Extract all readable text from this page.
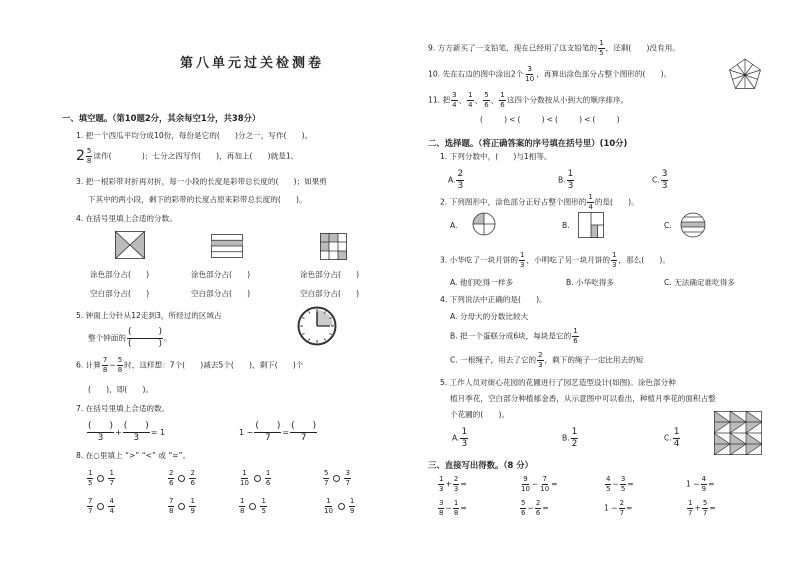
第八单元过关检测卷
一、填空题。（第10题2分，其余每空1分，共38分）
1. 把一个西瓜平均分成10份，每份是它的(　　)分之一，写作(　　)。
$2 \frac{5}{8}$ 读作(　　　　)；七分之四写作(　　)，再加上(　　)就是1。
3. 把一根彩带对折再对折，每一小段的长度是彩带总长度的(　　)；如果剪
下其中的两小段，剩下的彩带的长度占原来彩带总长度的(　　)。
4. 在括号里填上合适的分数。
涂色部分占(　　)	涂色部分占(　　)	涂色部分占(　　)
空白部分占(　　)	空白部分占(　　)	空白部分占(　　)
5. 钟面上分针从12走到3，所经过的区域占
整个钟面的
(　　　)
(　　　)
。
6. 计算 $\frac{7}{8} - \frac{5}{8}$ 时，这样想：7个(　　)减去5个(　　)，剩下(　　)个
(　　)，即(　　)。
7. 在括号里填上合适的数。
(　　)
3
+
(　　)
3
= 1	1 −
(　　)
7
=
(　　)
7
8. 在○里填上 “>” “<” 或 “=”。
$\frac{1}{5} \frac{1}{7}$	$\frac{2}{6} \frac{2}{6}$	$\frac{1}{10} \frac{1}{6}$	$\frac{5}{7} \frac{3}{7}$
$\frac{7}{7} \frac{4}{4}$	$\frac{7}{8} \frac{1}{9}$	$\frac{1}{8} \frac{1}{5}$	$\frac{1}{10} \frac{1}{9}$
9. 方方新买了一支铅笔，现在已经用了这支铅笔的 $\frac{1}{5}$ ，还剩(　　)没有用。
10. 先在右边的图中涂出2个 $\frac{3}{10}$ ，再算出涂色部分占整个图形的(　　)。
11. 把 $\frac{3}{4}$ 、 $\frac{1}{4}$ 、 $\frac{5}{6}$ 、 $\frac{1}{6}$ 这四个分数按从小到大的顺序排序。
(　　)<(　　)<(　　)<(　　)
二、选择题。（将正确答案的序号填在括号里）(10分)
1. 下列分数中，(　　)与1相等。
A. $\frac{2}{3}$	B. $\frac{1}{3}$	C. $\frac{3}{3}$
2. 下列图形中，涂色部分正好占整个图形的 $\frac{1}{4}$ 的是(　　)。
A.	B.	C.
3. 小华吃了一块月饼的 $\frac{1}{3}$ ，小明吃了另一块月饼的 $\frac{1}{3}$ ，那么(　　)。
A. 他们吃得一样多	B. 小华吃得多	C. 无法确定谁吃得多
4. 下列说法中正确的是(　　)。
A. 分母大的分数比较大
B. 把一个蛋糕分成6块，每块是它的 $\frac{1}{6}$
C. 一根绳子，用去了它的 $\frac{2}{3}$ ，剩下的绳子一定比用去的短
5. 工作人员对街心花园的花圃进行了园艺造型设计(如图)。涂色部分种
植月季花，空白部分种植郁金香，从示意图中可以看出，种植月季花的面积占整
个花圃的(　　)。
A. $\frac{1}{3}$	B. $\frac{1}{2}$	C. $\frac{1}{4}$
三、直接写出得数。（8 分）
$\frac{1}{3} + \frac{2}{3}$ =	$\frac{9}{10} - \frac{7}{10}$ =	$\frac{4}{5} - \frac{3}{5}$ =	$1 - \frac{4}{9}$ =
$\frac{3}{8} - \frac{1}{8}$ =	$\frac{5}{6} - \frac{2}{6}$ =	$1 - \frac{2}{7}$ =	$\frac{1}{7} + \frac{5}{7}$ =
